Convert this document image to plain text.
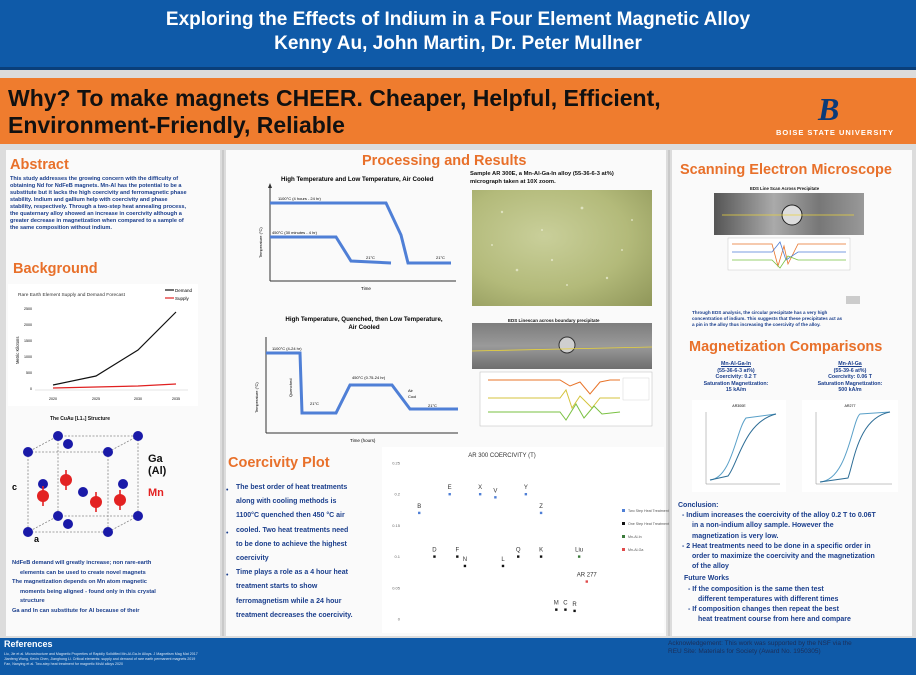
Exploring the Effects of Indium in a Four Element Magnetic Alloy
Kenny Au, John Martin, Dr. Peter Mullner
Why? To make magnets CHEER. Cheaper, Helpful, Efficient, Environment-Friendly, Reliable	B
BOISE STATE UNIVERSITY
Abstract
This study addresses the growing concern with the difficulty of
obtaining Nd for NdFeB magnets. Mn-Al has the potential to be a
substitute but it lacks the high coercivity and ferromagnetic phase
stability. Indium and gallium help with coercivity and phase
stability, respectively. Through a two-step heat annealing process,
the quaternary alloy showed an increase in coercivity although a
greater decrease in magnetization when compared to a sample of
the same composition without indium.
Background
Rare Earth Element Supply and Demand Forecast
Demand
Supply
Metric Kilotons
0
500
1000
1500
2000
2500
2020	2025	2030	2035
The CuAu [L1₀] Structure
Ga
(Al)
Mn
c
a
NdFeB demand will greatly increase; non rare-earth
elements can be used to create novel magnets
The magnetization depends on Mn atom magnetic
moments being aligned - found only in this crystal
structure
Ga and In can substitute for Al because of their
Processing and Results
High Temperature and Low Temperature, Air Cooled
1100°C (4 hours - 24 hr)
450°C (30 minutes - 4 hr)
21°C	21°C
Temperature (°C)
Time
High Temperature, Quenched, then Low Temperature,
Air Cooled
1100°C (4-24 hr)
Quenched
450°C (0.75-24 hr)
21°C
Air
Cool
21°C
Temperature (°C)
Time (hours)
Sample AR 300E, a Mn-Al-Ga-In alloy (55-36-6-3 at%)
micrograph taken at 10X zoom.
EDS Linescan across boundary precipitate
Coercivity Plot
The best order of heat treatments
along with cooling methods is
1100°C quenched then 450 °C air
cooled. Two heat treatments need
to be done to achieve the highest
coercivity
Time plays a role as a 4 hour heat
treatment starts to show
ferromagnetism while a 24 hour
treatment decreases the coercivity.
•
•
•
AR 300 COERCIVITY (T)
0.25
0.2
0.15
0.1
0.05
0
B
E	X
V
Y
Z
D	F
N	L
Q	K
M C R
Liu
AR 277
Two Step Heat Treatment
One Step Heat Treatment
Mn-Al-In
Mn-Al-Ga
Scanning Electron Microscope
EDS Line Scan Across Precipitate
Through EDS analysis, the circular precipitate has a very high
concentration of indium. This suggests that these precipitates act as
a pin in the alloy thus increasing the coercivity of the alloy.
Magnetization Comparisons
Mn-Al-Ga-In
(55-36-6-3 at%)
Coercivity: 0.2 T
Saturation Magnetization:
15 kA/m
Mn-Al-Ga
(55-39-6 at%)
Coercivity: 0.06 T
Saturation Magnetization:
500 kA/m
AR300E	AR277
Conclusion:
- Indium increases the coercivity of the alloy 0.2 T to 0.06T
in a non-indium alloy sample. However the
magnetization is very low.
- 2 Heat treatments need to be done in a specific order in
order to maximize the coercivity and the magnetization
of the alloy
Future Works
- If the composition is the same then test
different temperatures with different times
- If composition changes then repeat the best
heat treatment course from here and compare
References
Liu, Jie et al. Microstructure and Magnetic Properties of Rapidly Solidified Mn-Al-Ga-In Alloys. J Magnetism Mag Mat 2017
Jianfeng Wang, Kevin Chen, Jianghong Li. Critical elements: supply and demand of rare earth permanent magnets 2019
Fan, Nanying et al. Two-step heat treatment for magnetic MnAl alloys 2020
Acknowledgement: This work was supported by the NSF via the
REU Site: Materials for Society (Award No. 1950305)
